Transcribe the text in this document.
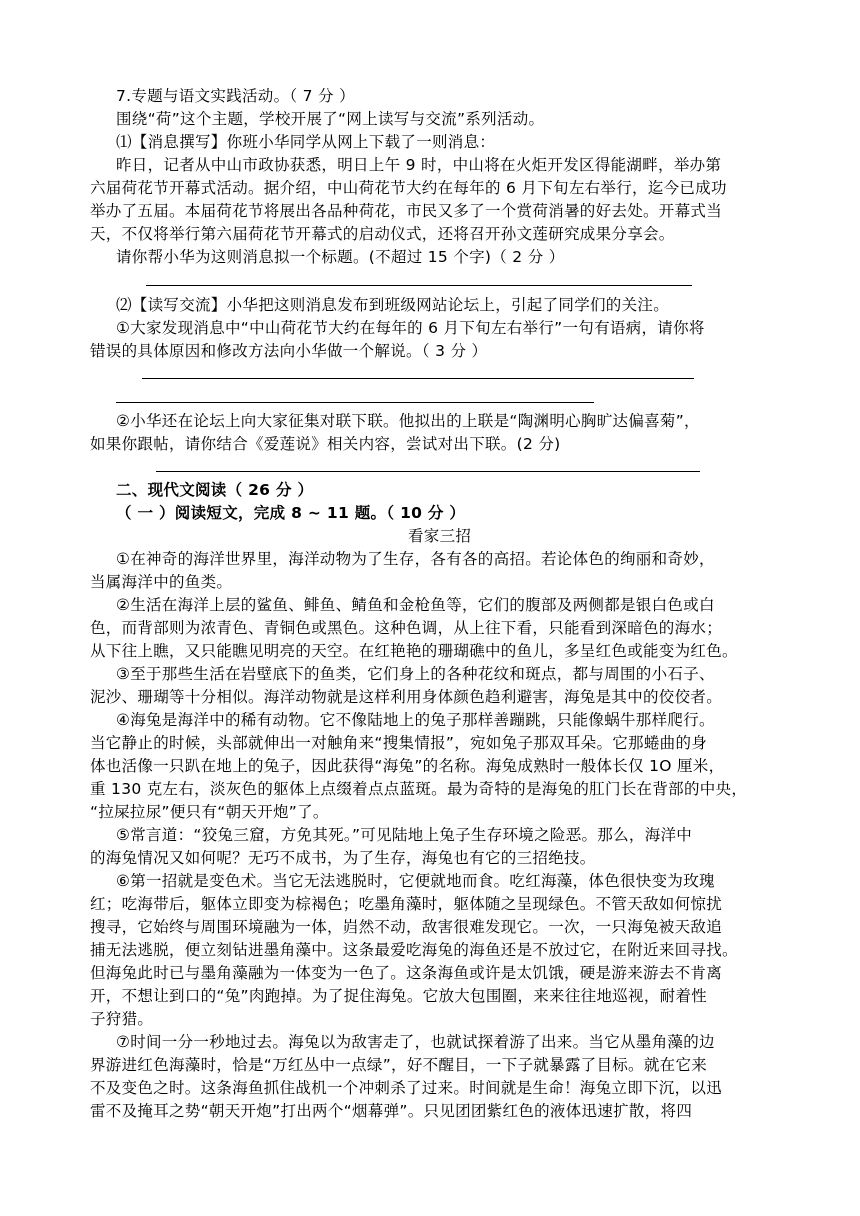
7.专题与语文实践活动。（ 7 分 ）
围绕“荷”这个主题，学校开展了“网上读写与交流”系列活动。
⑴【消息撰写】你班小华同学从网上下载了一则消息：
昨日，记者从中山市政协获悉，明日上午 9 时，中山将在火炬开发区得能湖畔，举办第
六届荷花节开幕式活动。据介绍，中山荷花节大约在每年的 6 月下旬左右举行，迄今已成功
举办了五届。本届荷花节将展出各品种荷花，市民又多了一个赏荷消暑的好去处。开幕式当
天，不仅将举行第六届荷花节开幕式的启动仪式，还将召开孙文莲研究成果分享会。
请你帮小华为这则消息拟一个标题。(不超过 15 个字)（ 2 分 ）
⑵【读写交流】小华把这则消息发布到班级网站论坛上，引起了同学们的关注。
①大家发现消息中“中山荷花节大约在每年的 6 月下旬左右举行”一句有语病，请你将
错误的具体原因和修改方法向小华做一个解说。（ 3 分 ）
②小华还在论坛上向大家征集对联下联。他拟出的上联是“陶渊明心胸旷达偏喜菊”，
如果你跟帖，请你结合《爱莲说》相关内容，尝试对出下联。(2 分)
二、现代文阅读（ 26 分 ）
（ 一 ）阅读短文，完成 8 ~ 11 题。（ 10 分 ）
看家三招
①在神奇的海洋世界里，海洋动物为了生存，各有各的高招。若论体色的绚丽和奇妙，
当属海洋中的鱼类。
②生活在海洋上层的鲨鱼、鲱鱼、鲭鱼和金枪鱼等，它们的腹部及两侧都是银白色或白
色，而背部则为浓青色、青铜色或黑色。这种色调，从上往下看，只能看到深暗色的海水；
从下往上瞧，又只能瞧见明亮的天空。在红艳艳的珊瑚礁中的鱼儿，多呈红色或能变为红色。
③至于那些生活在岩壁底下的鱼类，它们身上的各种花纹和斑点，都与周围的小石子、
泥沙、珊瑚等十分相似。海洋动物就是这样利用身体颜色趋利避害，海兔是其中的佼佼者。
④海兔是海洋中的稀有动物。它不像陆地上的兔子那样善蹦跳，只能像蜗牛那样爬行。
当它静止的时候，头部就伸出一对触角来“搜集情报”，宛如兔子那双耳朵。它那蜷曲的身
体也活像一只趴在地上的兔子，因此获得“海兔”的名称。海兔成熟时一般体长仅 1O 厘米，
重 130 克左右，淡灰色的躯体上点缀着点点蓝斑。最为奇特的是海兔的肛门长在背部的中央，
“拉屎拉尿”便只有“朝天开炮”了。
⑤常言道：“狡兔三窟，方免其死。”可见陆地上兔子生存环境之险恶。那么，海洋中
的海兔情况又如何呢？无巧不成书，为了生存，海兔也有它的三招绝技。
⑥第一招就是变色术。当它无法逃脱时，它便就地而食。吃红海藻，体色很快变为玫瑰
红；吃海带后，躯体立即变为棕褐色；吃墨角藻时，躯体随之呈现绿色。不管天敌如何惊扰
搜寻，它始终与周围环境融为一体，岿然不动，敌害很难发现它。一次，一只海兔被天敌追
捕无法逃脱，便立刻钻进墨角藻中。这条最爱吃海兔的海鱼还是不放过它，在附近来回寻找。
但海兔此时已与墨角藻融为一体变为一色了。这条海鱼或许是太饥饿，硬是游来游去不肯离
开，不想让到口的“兔”肉跑掉。为了捉住海兔。它放大包围圈，来来往往地巡视，耐着性
子狩猎。
⑦时间一分一秒地过去。海兔以为敌害走了，也就试探着游了出来。当它从墨角藻的边
界游进红色海藻时，恰是“万红丛中一点绿”，好不醒目，一下子就暴露了目标。就在它来
不及变色之时。这条海鱼抓住战机一个冲刺杀了过来。时间就是生命！海兔立即下沉，以迅
雷不及掩耳之势“朝天开炮”打出两个“烟幕弹”。只见团团紫红色的液体迅速扩散，将四
